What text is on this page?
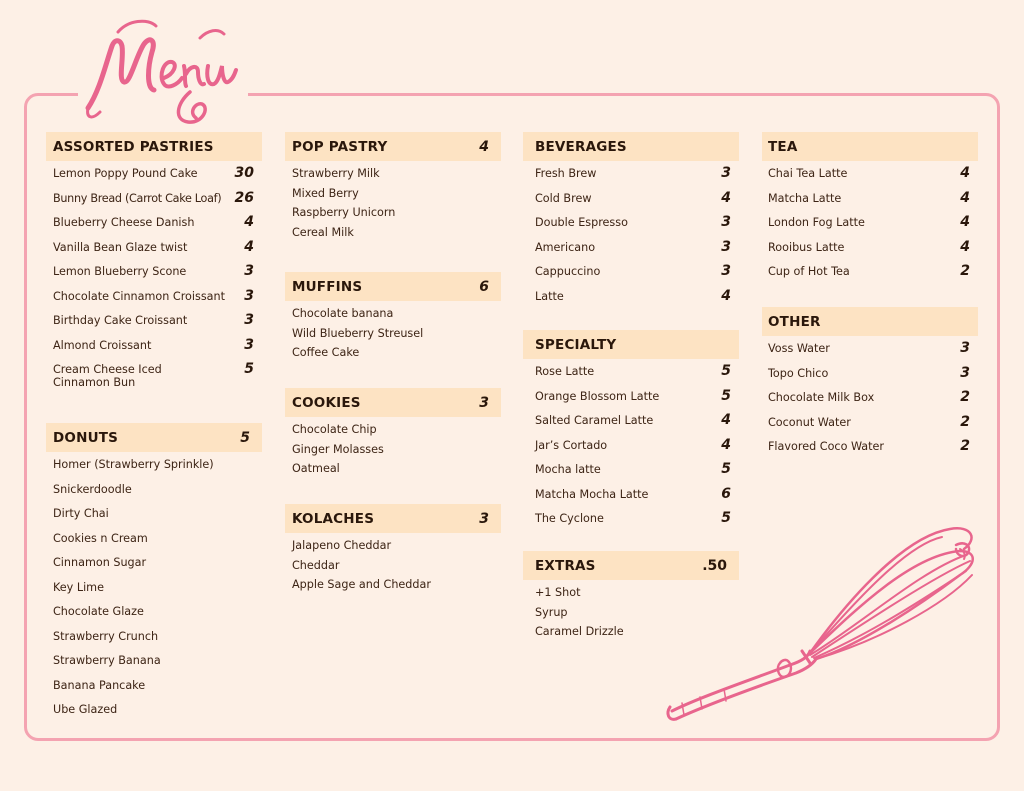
ASSORTED PASTRIES
Lemon Poppy Pound Cake	30
Bunny Bread (Carrot Cake Loaf) 26
Blueberry Cheese Danish	4
Vanilla Bean Glaze twist	4
Lemon Blueberry Scone	3
Chocolate Cinnamon Croissant 3
Birthday Cake Croissant	3
Almond Croissant	3
Cream Cheese Iced Cinnamon Bun
5
DONUTS	5
Homer (Strawberry Sprinkle)
Snickerdoodle
Dirty Chai
Cookies n Cream
Cinnamon Sugar
Key Lime
Chocolate Glaze
Strawberry Crunch
Strawberry Banana
Banana Pancake
Ube Glazed
POP PASTRY	4
Strawberry Milk
Mixed Berry
Raspberry Unicorn
Cereal Milk
MUFFINS	6
Chocolate banana
Wild Blueberry Streusel
Coffee Cake
COOKIES	3
Chocolate Chip
Ginger Molasses
Oatmeal
KOLACHES	3
Jalapeno Cheddar
Cheddar
Apple Sage and Cheddar
BEVERAGES
Fresh Brew	3
Cold Brew	4
Double Espresso	3
Americano	3
Cappuccino	3
Latte	4
SPECIALTY
Rose Latte	5
Orange Blossom Latte	5
Salted Caramel Latte	4
Jar’s Cortado	4
Mocha latte	5
Matcha Mocha Latte	6
The Cyclone	5
EXTRAS	.50
+1 Shot
Syrup
Caramel Drizzle
TEA
Chai Tea Latte	4
Matcha Latte	4
London Fog Latte	4
Rooibus Latte	4
Cup of Hot Tea	2
OTHER
Voss Water	3
Topo Chico	3
Chocolate Milk Box	2
Coconut Water	2
Flavored Coco Water	2
